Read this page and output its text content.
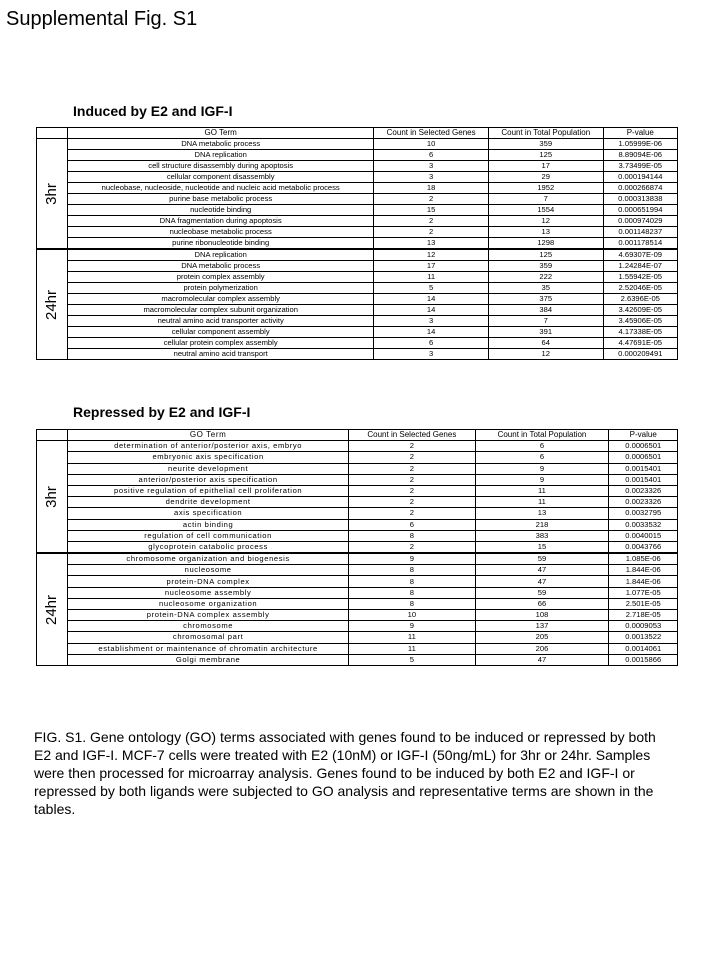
Supplemental Fig. S1
Induced by E2 and IGF-I
	GO Term	Count in Selected Genes	Count in Total Population	P-value
3hr	DNA metabolic process	10	359	1.05999E-06
	DNA replication	6	125	8.89094E-06
	cell structure disassembly during apoptosis	3	17	3.73499E-05
	cellular component disassembly	3	29	0.000194144
	nucleobase, nucleoside, nucleotide and nucleic acid metabolic process	18	1952	0.000266874
	purine base metabolic process	2	7	0.000313838
	nucleotide binding	15	1554	0.000651994
	DNA fragmentation during apoptosis	2	12	0.000974029
	nucleobase metabolic process	2	13	0.001148237
	purine ribonucleotide binding	13	1298	0.001178514
24hr	DNA replication	12	125	4.69307E-09
	DNA metabolic process	17	359	1.24284E-07
	protein complex assembly	11	222	1.55942E-05
	protein polymerization	5	35	2.52046E-05
	macromolecular complex assembly	14	375	2.6396E-05
	macromolecular complex subunit organization	14	384	3.42609E-05
	neutral amino acid transporter activity	3	7	3.45906E-05
	cellular component assembly	14	391	4.17338E-05
	cellular protein complex assembly	6	64	4.47691E-05
	neutral amino acid transport	3	12	0.000209491
Repressed by E2 and IGF-I
	GO Term	Count in Selected Genes	Count in Total Population	P-value
3hr	determination of anterior/posterior axis, embryo	2	6	0.0006501
	embryonic axis specification	2	6	0.0006501
	neurite development	2	9	0.0015401
	anterior/posterior axis specification	2	9	0.0015401
	positive regulation of epithelial cell proliferation	2	11	0.0023326
	dendrite development	2	11	0.0023326
	axis specification	2	13	0.0032795
	actin binding	6	218	0.0033532
	regulation of cell communication	8	383	0.0040015
	glycoprotein catabolic process	2	15	0.0043766
24hr	chromosome organization and biogenesis	9	59	1.085E-06
	nucleosome	8	47	1.844E-06
	protein-DNA complex	8	47	1.844E-06
	nucleosome assembly	8	59	1.077E-05
	nucleosome organization	8	66	2.501E-05
	protein-DNA complex assembly	10	108	2.718E-05
	chromosome	9	137	0.0009053
	chromosomal part	11	205	0.0013522
	establishment or maintenance of chromatin architecture	11	206	0.0014061
	Golgi membrane	5	47	0.0015866
FIG. S1. Gene ontology (GO) terms associated with genes found to be induced or repressed by both E2 and IGF-I. MCF-7 cells were treated with E2 (10nM) or IGF-I (50ng/mL) for 3hr or 24hr. Samples were then processed for microarray analysis. Genes found to be induced by both E2 and IGF-I or repressed by both ligands were subjected to GO analysis and representative terms are shown in the tables.
